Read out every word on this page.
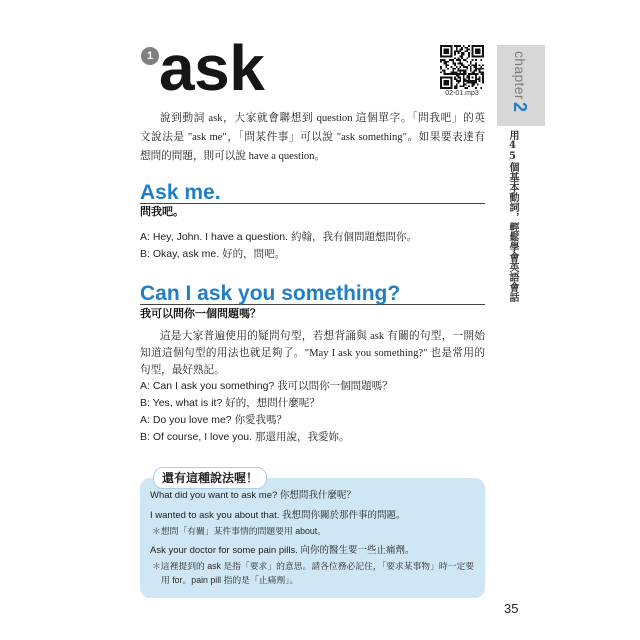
1 ask	02-01.mp3	chapter
2
用45個基本動詞，輕鬆學會英語會話
說到動詞 ask，大家就會聯想到 question 這個單字。「問我吧」的英
文說法是 "ask me"，「問某件事」可以說 "ask something"。如果要表達有
想問的問題，則可以說 have a question。
Ask me.
問我吧。
A: Hey, John. I have a question. 約翰，我有個問題想問你。
B: Okay, ask me. 好的，問吧。
Can I ask you something?
我可以問你一個問題嗎？
這是大家普遍使用的疑問句型，若想背誦與 ask 有關的句型，一開始
知道這個句型的用法也就足夠了。"May I ask you something?" 也是常用的
句型，最好熟記。
A: Can I ask you something? 我可以問你一個問題嗎？
B: Yes, what is it? 好的，想問什麼呢？
A: Do you love me? 你愛我嗎？
B: Of course, I love you. 那還用說，我愛妳。
What did you want to ask me? 你想問我什麼呢？
I wanted to ask you about that. 我想問你關於那件事的問題。
＊想問「有關」某件事情的問題要用 about。
Ask your doctor for some pain pills. 向你的醫生要一些止痛劑。
＊這裡提到的 ask 是指「要求」的意思。請各位務必記住，「要求某事物」時一定要
用 for。pain pill 指的是「止痛劑」。
還有這種說法喔！
35
